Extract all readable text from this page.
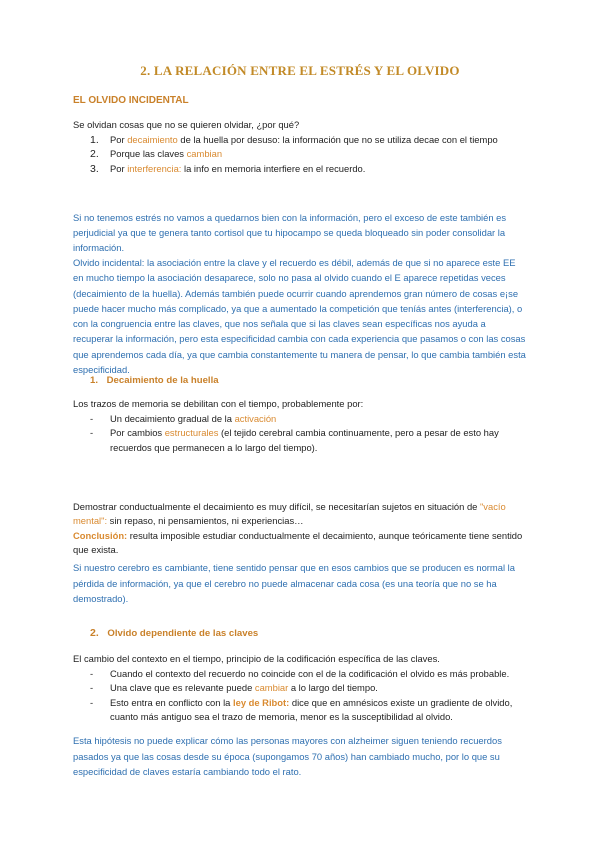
2. LA RELACIÓN ENTRE EL ESTRÉS Y EL OLVIDO
EL OLVIDO INCIDENTAL

Se olvidan cosas que no se quieren olvidar, ¿por qué?

1. Por decaimiento de la huella por desuso: la información que no se utiliza decae con el tiempo
2. Porque las claves cambian
3. Por interferencia: la info en memoria interfiere en el recuerdo.

Si no tenemos estrés no vamos a quedarnos bien con la información, pero el exceso de este también es perjudicial ya que te genera tanto cortisol que tu hipocampo se queda bloqueado sin poder consolidar la información.

Olvido incidental: la asociación entre la clave y el recuerdo es débil, además de que si no aparece este EE en mucho tiempo la asociación desaparece, solo no pasa al olvido cuando el E aparece repetidas veces (decaimiento de la huella). Además también puede ocurrir cuando aprendemos gran número de cosas e¡se puede hacer mucho más complicado, ya que a aumentado la competición que teníás antes (interferencia), o con la congruencia entre las claves, que nos señala que si las claves sean específicas nos ayuda a recuperar la información, pero esta especificidad cambia con cada experiencia que pasamos o con las cosas que aprendemos cada día, ya que cambia constantemente tu manera de pensar, lo que cambia también esta especificidad.

1. Decaimiento de la huella

Los trazos de memoria se debilitan con el tiempo, probablemente por:

- Un decaimiento gradual de la activación
- Por cambios estructurales (el tejido cerebral cambia continuamente, pero a pesar de esto hay recuerdos que permanecen a lo largo del tiempo).

Demostrar conductualmente el decaimiento es muy difícil, se necesitarían sujetos en situación de "vacío mental": sin repaso, ni pensamientos, ni experiencias…

Conclusión: resulta imposible estudiar conductualmente el decaimiento, aunque teóricamente tiene sentido que exista.

Si nuestro cerebro es cambiante, tiene sentido pensar que en esos cambios que se producen es normal la pérdida de información, ya que el cerebro no puede almacenar cada cosa (es una teoría que no se ha demostrado).

2. Olvido dependiente de las claves

El cambio del contexto en el tiempo, principio de la codificación específica de las claves.

- Cuando el contexto del recuerdo no coincide con el de la codificación el olvido es más probable.
- Una clave que es relevante puede cambiar a lo largo del tiempo.
- Esto entra en conflicto con la ley de Ribot: dice que en amnésicos existe un gradiente de olvido, cuanto más antiguo sea el trazo de memoria, menor es la susceptibilidad al olvido.

Esta hipótesis no puede explicar cómo las personas mayores con alzheimer siguen teniendo recuerdos pasados ya que las cosas desde su época (supongamos 70 años) han cambiado mucho, por lo que su especificidad de claves estaría cambiando todo el rato.
